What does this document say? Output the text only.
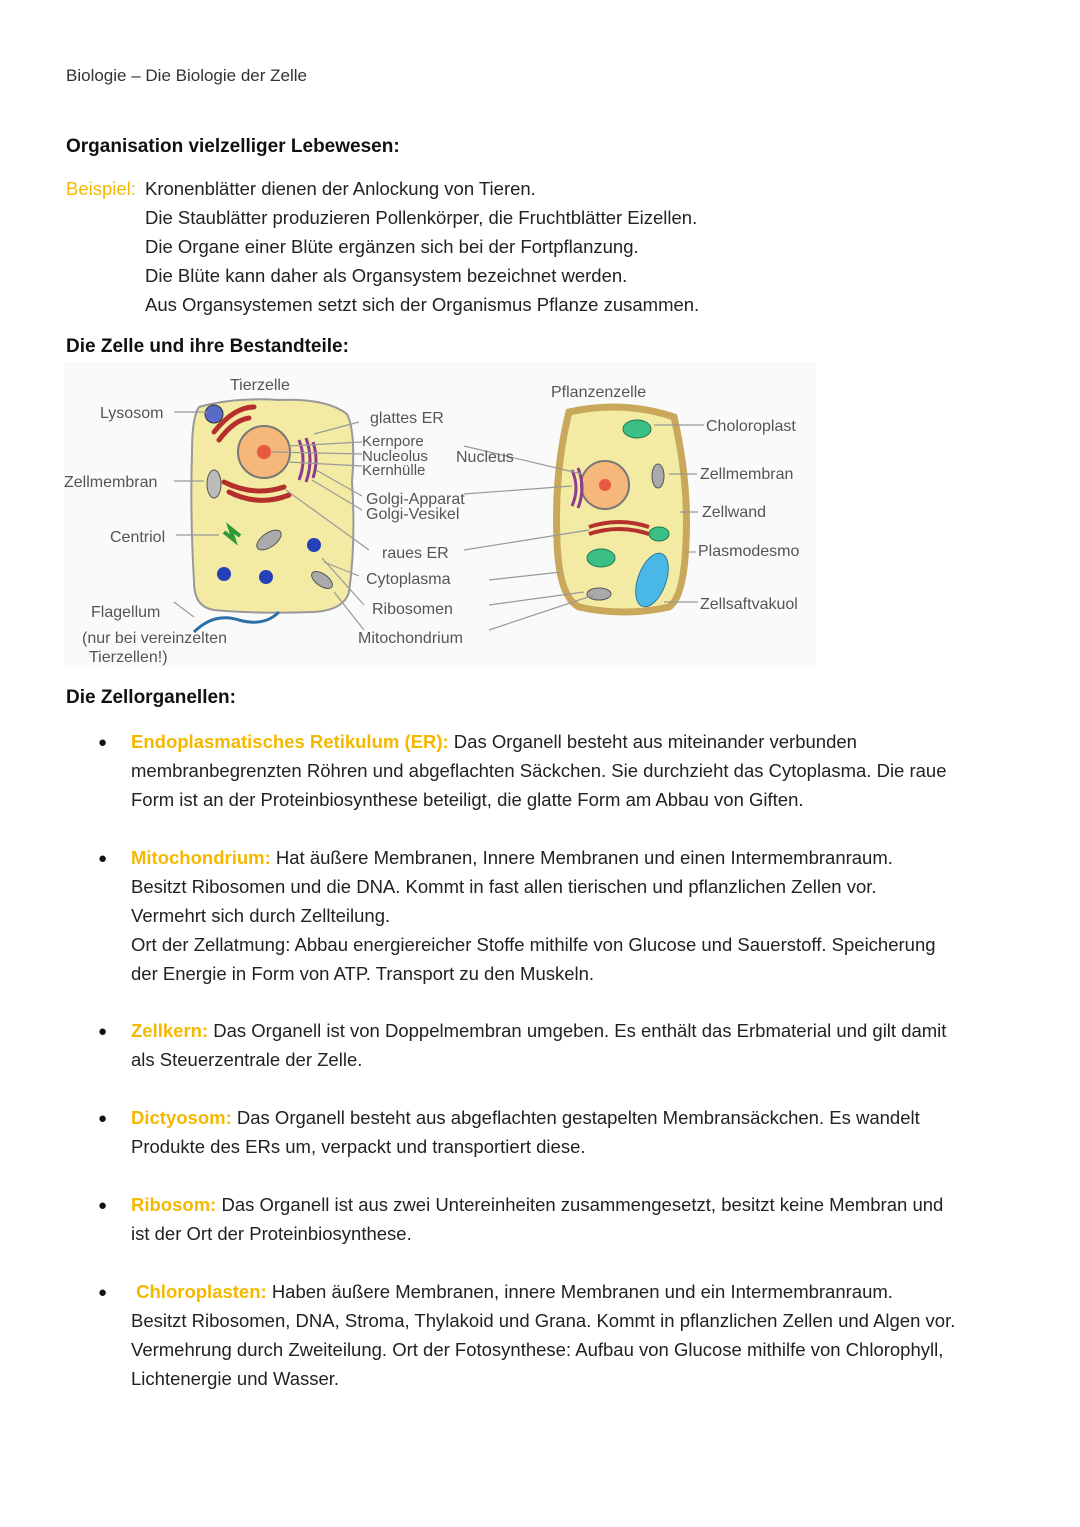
Biologie – Die Biologie der Zelle
Organisation vielzelliger Lebewesen:
Beispiel: Kronenblätter dienen der Anlockung von Tieren.
Die Staublätter produzieren Pollenkörper, die Fruchtblätter Eizellen.
Die Organe einer Blüte ergänzen sich bei der Fortpflanzung.
Die Blüte kann daher als Organsystem bezeichnet werden.
Aus Organsystemen setzt sich der Organismus Pflanze zusammen.
Die Zelle und ihre Bestandteile:
Tierzelle	Pflanzenzelle
Lysosom
Zellmembran
Centriol
Flagellum
(nur bei vereinzelten
Tierzellen!)
glattes ER
Kernpore
Nucleolus
Kernhülle
Nucleus
Golgi-Apparat
Golgi-Vesikel
raues ER
Cytoplasma
Ribosomen
Mitochondrium
Choloroplast
Zellmembran
Zellwand
Plasmodesmo
Zellsaftvakuol
Die Zellorganellen:
● Endoplasmatisches Retikulum (ER): Das Organell besteht aus miteinander verbunden

membranbegrenzten Röhren und abgeflachten Säckchen. Sie durchzieht das Cytoplasma. Die raue

Form ist an der Proteinbiosynthese beteiligt, die glatte Form am Abbau von Giften.

● Mitochondrium: Hat äußere Membranen, Innere Membranen und einen Intermembranraum.

Besitzt Ribosomen und die DNA. Kommt in fast allen tierischen und pflanzlichen Zellen vor.

Vermehrt sich durch Zellteilung.

Ort der Zellatmung: Abbau energiereicher Stoffe mithilfe von Glucose und Sauerstoff. Speicherung

der Energie in Form von ATP. Transport zu den Muskeln.

● Zellkern: Das Organell ist von Doppelmembran umgeben. Es enthält das Erbmaterial und gilt damit

als Steuerzentrale der Zelle.

● Dictyosom: Das Organell besteht aus abgeflachten gestapelten Membransäckchen. Es wandelt

Produkte des ERs um, verpackt und transportiert diese.

● Ribosom: Das Organell ist aus zwei Untereinheiten zusammengesetzt, besitzt keine Membran und

ist der Ort der Proteinbiosynthese.

● Chloroplasten: Haben äußere Membranen, innere Membranen und ein Intermembranraum.

Besitzt Ribosomen, DNA, Stroma, Thylakoid und Grana. Kommt in pflanzlichen Zellen und Algen vor.

Vermehrung durch Zweiteilung. Ort der Fotosynthese: Aufbau von Glucose mithilfe von Chlorophyll,

Lichtenergie und Wasser.
